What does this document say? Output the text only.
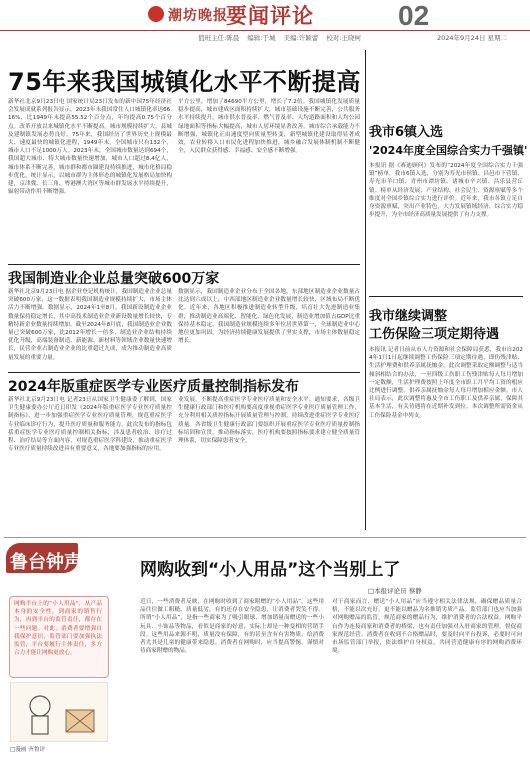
潮坊晚报
要闻评论	02
值班主任:陈晨 编辑:于城 美编:许颖蕾 校对:王晓柯	2024年9月24日 星期二
75年来我国城镇化水平不断提高
新华社北京9月23日电 国家统计局23日发布的新中国75年经济社会发展成就系列报告显示，2023年末我国常住人口城镇化率达66.16%，比1949年末提高55.52个百分点，年均提高0.75个百分点。改革开放以来城镇化水平不断提高，城市规模持续扩大，县城及建制镇发展态势良好。75年来，我国经历了世界历史上规模最大、速度最快的城镇化进程，1949年末，全国城市只有132个，城市人口不足1000万人。2023年末，全国城市数量达到694个，我国超大城市、特大城市数量快速增加，城市人口超过8.4亿人，城市体系不断完善，城市群和都市圈建设持续推进，城市化格局稳步优化。统计显示，以城市群为主体形态的城镇化发展格局加快构建，京津冀、长三角、粤港澳大湾区等城市群发展水平持续提升，辐射带动作用不断增强。
平方公里，增加了84690平方公里，增长了7.2倍。我国城镇化发展质量稳步提高，城市建成区面积持续扩大，城市基础设施不断完善，公共服务水平持续提升。城市供水普及率、燃气普及率、人均道路面积和人均公园绿地面积等指标大幅提高，城市人居环境显著改善。城市综合承载能力不断增强，城镇化正由速度型向质量型转变，新型城镇化建设取得显著成效，农业转移人口市民化进程加快推进，城乡融合发展体制机制不断健全，人民群众获得感、幸福感、安全感不断增强。
我国制造业企业总量突破600万家
新华社北京9月23日电 据企业登记机构统计，我国制造业企业总量突破600万家，这一数据表明我国制造业规模持续扩大，市场主体活力不断增强。数据显示，2024年1至8月，我国新设制造业企业数量保持稳定增长，其中高技术制造业企业新设数量增长较快，专精特新企业数量持续增加。截至2024年8月底，我国制造业企业数量已突破600万家，比2012年增长一倍多，制造业企业结构持续优化升级，高端装备制造、新能源、新材料等领域企业数量快速增长，民营企业占制造业企业的比重超过九成，成为推动制造业高质量发展的重要力量。
数据显示，我国制造业企业分布于全国各地，东部地区制造业企业数量占比达到六成以上，中西部地区制造业企业数量增长较快，区域布局不断优化。近年来，各地区积极推进制造业转型升级，培育壮大先进制造业集群，推动制造业高端化、智能化、绿色化发展，制造业增加值占GDP比重保持基本稳定，我国制造业规模连续多年位居世界第一，全球制造业中心地位更加巩固，为经济持续健康发展提供了坚实支撑，市场主体数量稳定增长。
2024年版重症医学专业医疗质量控制指标发布
新华社北京9月23日电 记者23日从国家卫生健康委了解到，国家卫生健康委办公厅近日印发《2024年版重症医学专业医疗质量控制指标》，进一步加强重症医学专业医疗质量管理，规范重症医学专业临床诊疗行为，提升医疗质量和服务能力。此次发布的指标包括重症医学专业医疗质量控制相关指标，涉及患者收治、诊疗过程、治疗结局等方面内容，对规范重症医学科建设，推动重症医学专业医疗质量持续改进具有重要意义，各地要加强指标的应用。
业发展，不断提高重症医学专业医疗质量和安全水平。通知要求，各级卫生健康行政部门和医疗机构要高度重视重症医学专业医疗质量管理工作，充分利用相关质控指标开展质量管理与控制，持续改进重症医学专业医疗质量。各省级卫生健康行政部门要组织开展重症医学专业医疗质量控制指标培训和宣贯，推动指标落实，医疗机构要按照指标要求建立健全质量管理体系，切实保障患者安全。
我市6镇入选
'2024年度全国综合实力千强镇'
本报讯 据《赛迪顾问》发布的“2024年度全国综合实力千强镇”榜单，我市6镇入选，分别为寿光市侯镇、昌邑市下营镇、寿光市羊口镇、青州市谭坊镇、诸城市辛兴镇、昌乐县营丘镇。榜单从经济发展、产业结构、社会民生、资源禀赋等多个维度对全国乡镇综合实力进行评价。近年来，我市各镇立足自身资源禀赋，突出产业特色，大力发展镇域经济，综合实力稳步提升，为全市经济高质量发展提供了有力支撑。
我市继续调整
工伤保险三项定期待遇
本报讯 记者日前从市人力资源和社会保障局获悉，我市自2024年1月1日起继续调整工伤保险三项定期待遇，即伤残津贴、生活护理费和供养亲属抚恤金。此次调整采取定额调整与适当倾斜相结合的办法，一至四级工伤职工伤残津贴每人每月增加一定数额，生活护理费按照上年度全市职工月平均工资的相应比例进行调整，供养亲属抚恤金每人每月增加相应金额。市人社局表示，此次调整将惠及全市工伤职工及供养亲属，保障其基本生活，有关待遇将在近期补发到位。本次调整所需资金从工伤保险基金中列支。
鲁台钟声
网购平台上的“小人用品”，从产品本身的安全性，到商家的销售行为，再到平台的监管责任，都存在一些问题。对此，消费者要增强自我保护意识，监管部门要加强执法监管，平台要履行主体责任，多方合力才能让网购更放心。
□漫画 齐鲁评
网购收到“小人用品”这个当别上了
□本报评论员 蔡静
近日，一些消费者反映，在网购时收到了商家附赠的“小人用品”，这些用品往往做工粗糙、质量低劣，有的还存在安全隐患，让消费者哭笑不得。所谓“小人用品”，是指一些商家为了吸引眼球、增加销量而赠送的一些小玩具、小饰品等物品，看似是商家的好意，实际上却是一种变相的营销手段。这些用品来源不明，质量没有保障，有的甚至含有有害物质，给消费者尤其是儿童的健康带来隐患。消费者在网购时，应当提高警惕，谨慎对待商家附赠的物品。
对于商家而言，赠送“小人用品”应当遵守相关法律法规，确保赠品质量合格，不能以次充好，更不能以赠品为名推销劣质产品。监管部门也应当加强对网购赠品的监管，规范商家的赠品行为，维护消费者的合法权益。网购平台作为连接商家和消费者的桥梁，也有责任加强对入驻商家的管理，督促商家规范经营。消费者在收到不合格赠品时，要及时向平台投诉，必要时可向市场监管部门举报，依法维护自身权益，共同营造健康有序的网购消费环境。
